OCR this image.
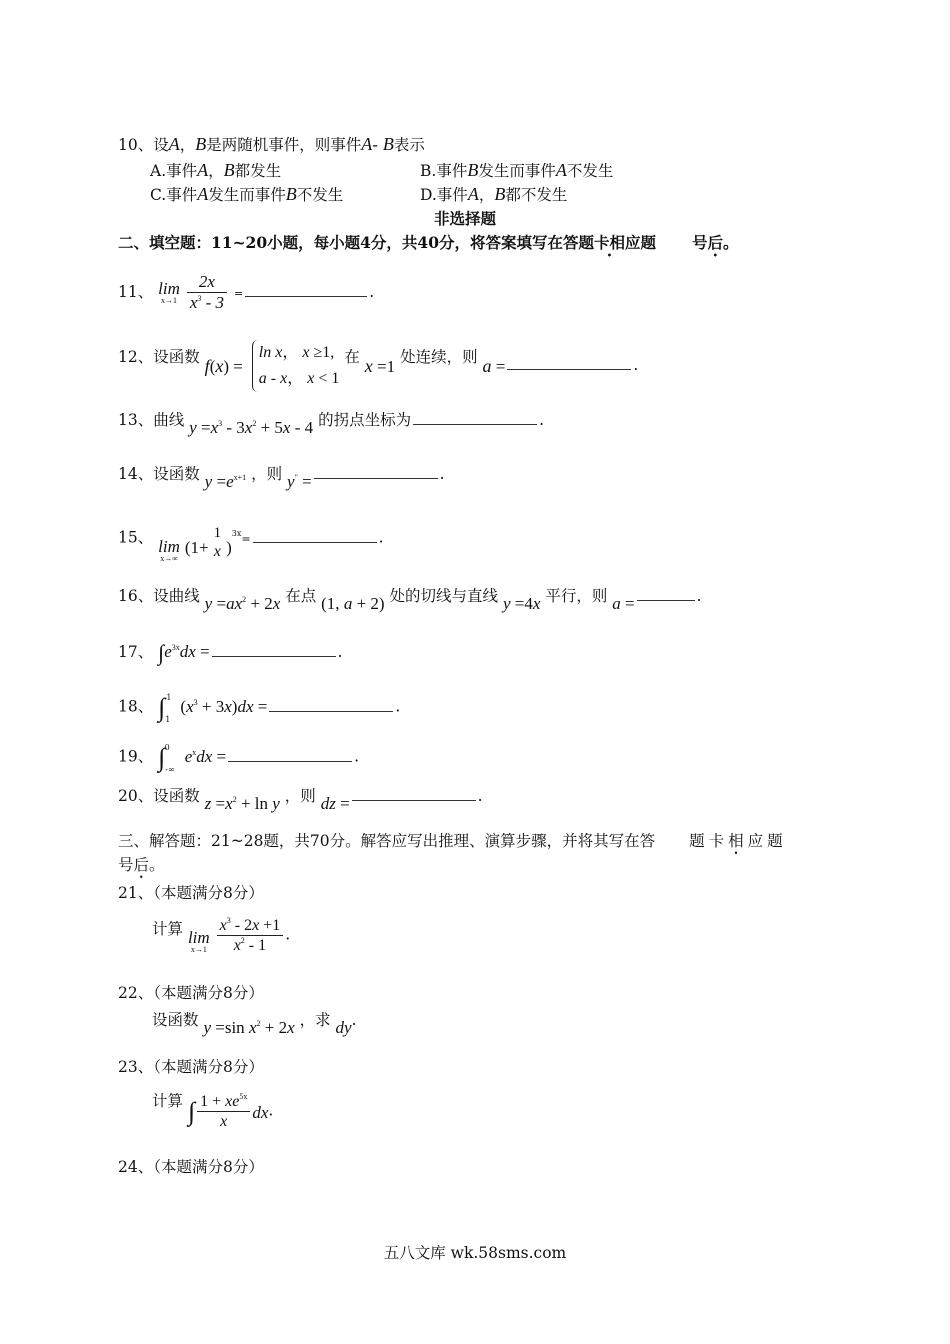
10、设A，B是两随机事件，则事件A- B表示
A.事件A，B都发生	B.事件B发生而事件A不发生
C.事件A发生而事件B不发生	D.事件A，B都不发生
非选择题
二、填空题：11~20小题，每小题4分，共40分，将答案填写在答题卡相应题 • 号后。 •
11、 lim
x→1
$\frac{2x}{x^3 - 3}$ =	.
12、设函数 f(x) =
ln x， x ≥1,
a - x， x < 1
在 x =1 处连续，则 a =	.
13、曲线 $y =x^3 - 3x^2 + 5x - 4$ 的拐点坐标为	.
14、设函数 $y =e^{x+1}$ ，则 y" =	.
15、 lim
x→∞
(1+
1
x )$^{3x}$=	.
16、设曲线 $y =ax^2 + 2x$ 在点 (1, a + 2) 处的切线与直线 y =4x 平行，则 a =	.
17、 $\int e^{3x}dx$ =	.
18、 $\int_1^1$ $(x^3 + 3x)dx$ =	.
19、 $\int_{-\infty}^0$ $e^xdx$ =	.
20、设函数 $z =x^2 + \ln y$ ，则 dz =	.
三、解答题：21~28题，共70分。解答应写出推理、演算步骤，并将其写在答 题卡相应题 •
号后。 •
21、（本题满分8分）
计算 lim
x→1
$\frac{x^3 - 2x +1}{x^2 - 1}$ .
22、（本题满分8分）
设函数 y =sin $x^2 + 2x$ ，求 dy.
23、（本题满分8分）
计算 ∫ $\frac{1 + xe^{5x}}{x}$ dx.
24、（本题满分8分）
五八文库 wk.58sms.com
